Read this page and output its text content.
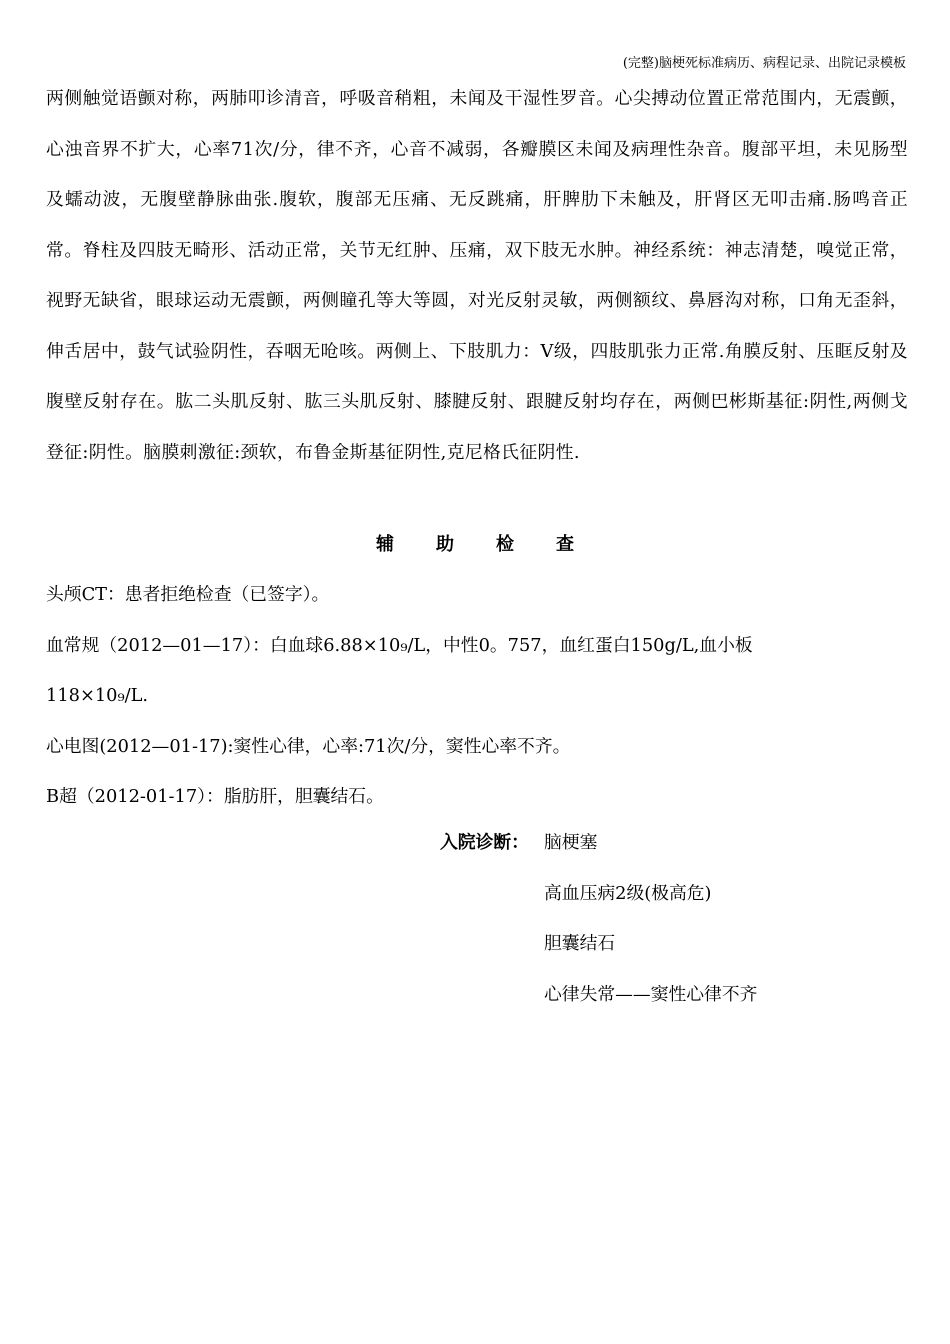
(完整)脑梗死标准病历、病程记录、出院记录模板
两侧触觉语颤对称，两肺叩诊清音，呼吸音稍粗，未闻及干湿性罗音。心尖搏动位置正常范围内，无震颤，心浊音界不扩大，心率71次/分，律不齐，心音不减弱，各瓣膜区未闻及病理性杂音。腹部平坦，未见肠型及蠕动波，无腹壁静脉曲张.腹软，腹部无压痛、无反跳痛，肝脾肋下未触及，肝肾区无叩击痛.肠鸣音正常。脊柱及四肢无畸形、活动正常，关节无红肿、压痛，双下肢无水肿。神经系统：神志清楚，嗅觉正常，视野无缺省，眼球运动无震颤，两侧瞳孔等大等圆，对光反射灵敏，两侧额纹、鼻唇沟对称，口角无歪斜，伸舌居中，鼓气试验阴性，吞咽无呛咳。两侧上、下肢肌力：Ⅴ级，四肢肌张力正常.角膜反射、压眶反射及腹壁反射存在。肱二头肌反射、肱三头肌反射、膝腱反射、跟腱反射均存在，两侧巴彬斯基征:阴性,两侧戈登征:阴性。脑膜刺激征:颈软，布鲁金斯基征阴性,克尼格氏征阴性.
辅助检查
头颅CT：患者拒绝检查（已签字）。
血常规（2012—01—17）：白血球6.88×10₉/L，中性0。757，血红蛋白150g/L,血小板
118×10₉/L.
心电图(2012—01-17):窦性心律，心率:71次/分，窦性心率不齐。
B超（2012-01-17）：脂肪肝，胆囊结石。
入院诊断： 脑梗塞
高血压病2级(极高危)
胆囊结石
心律失常——窦性心律不齐
